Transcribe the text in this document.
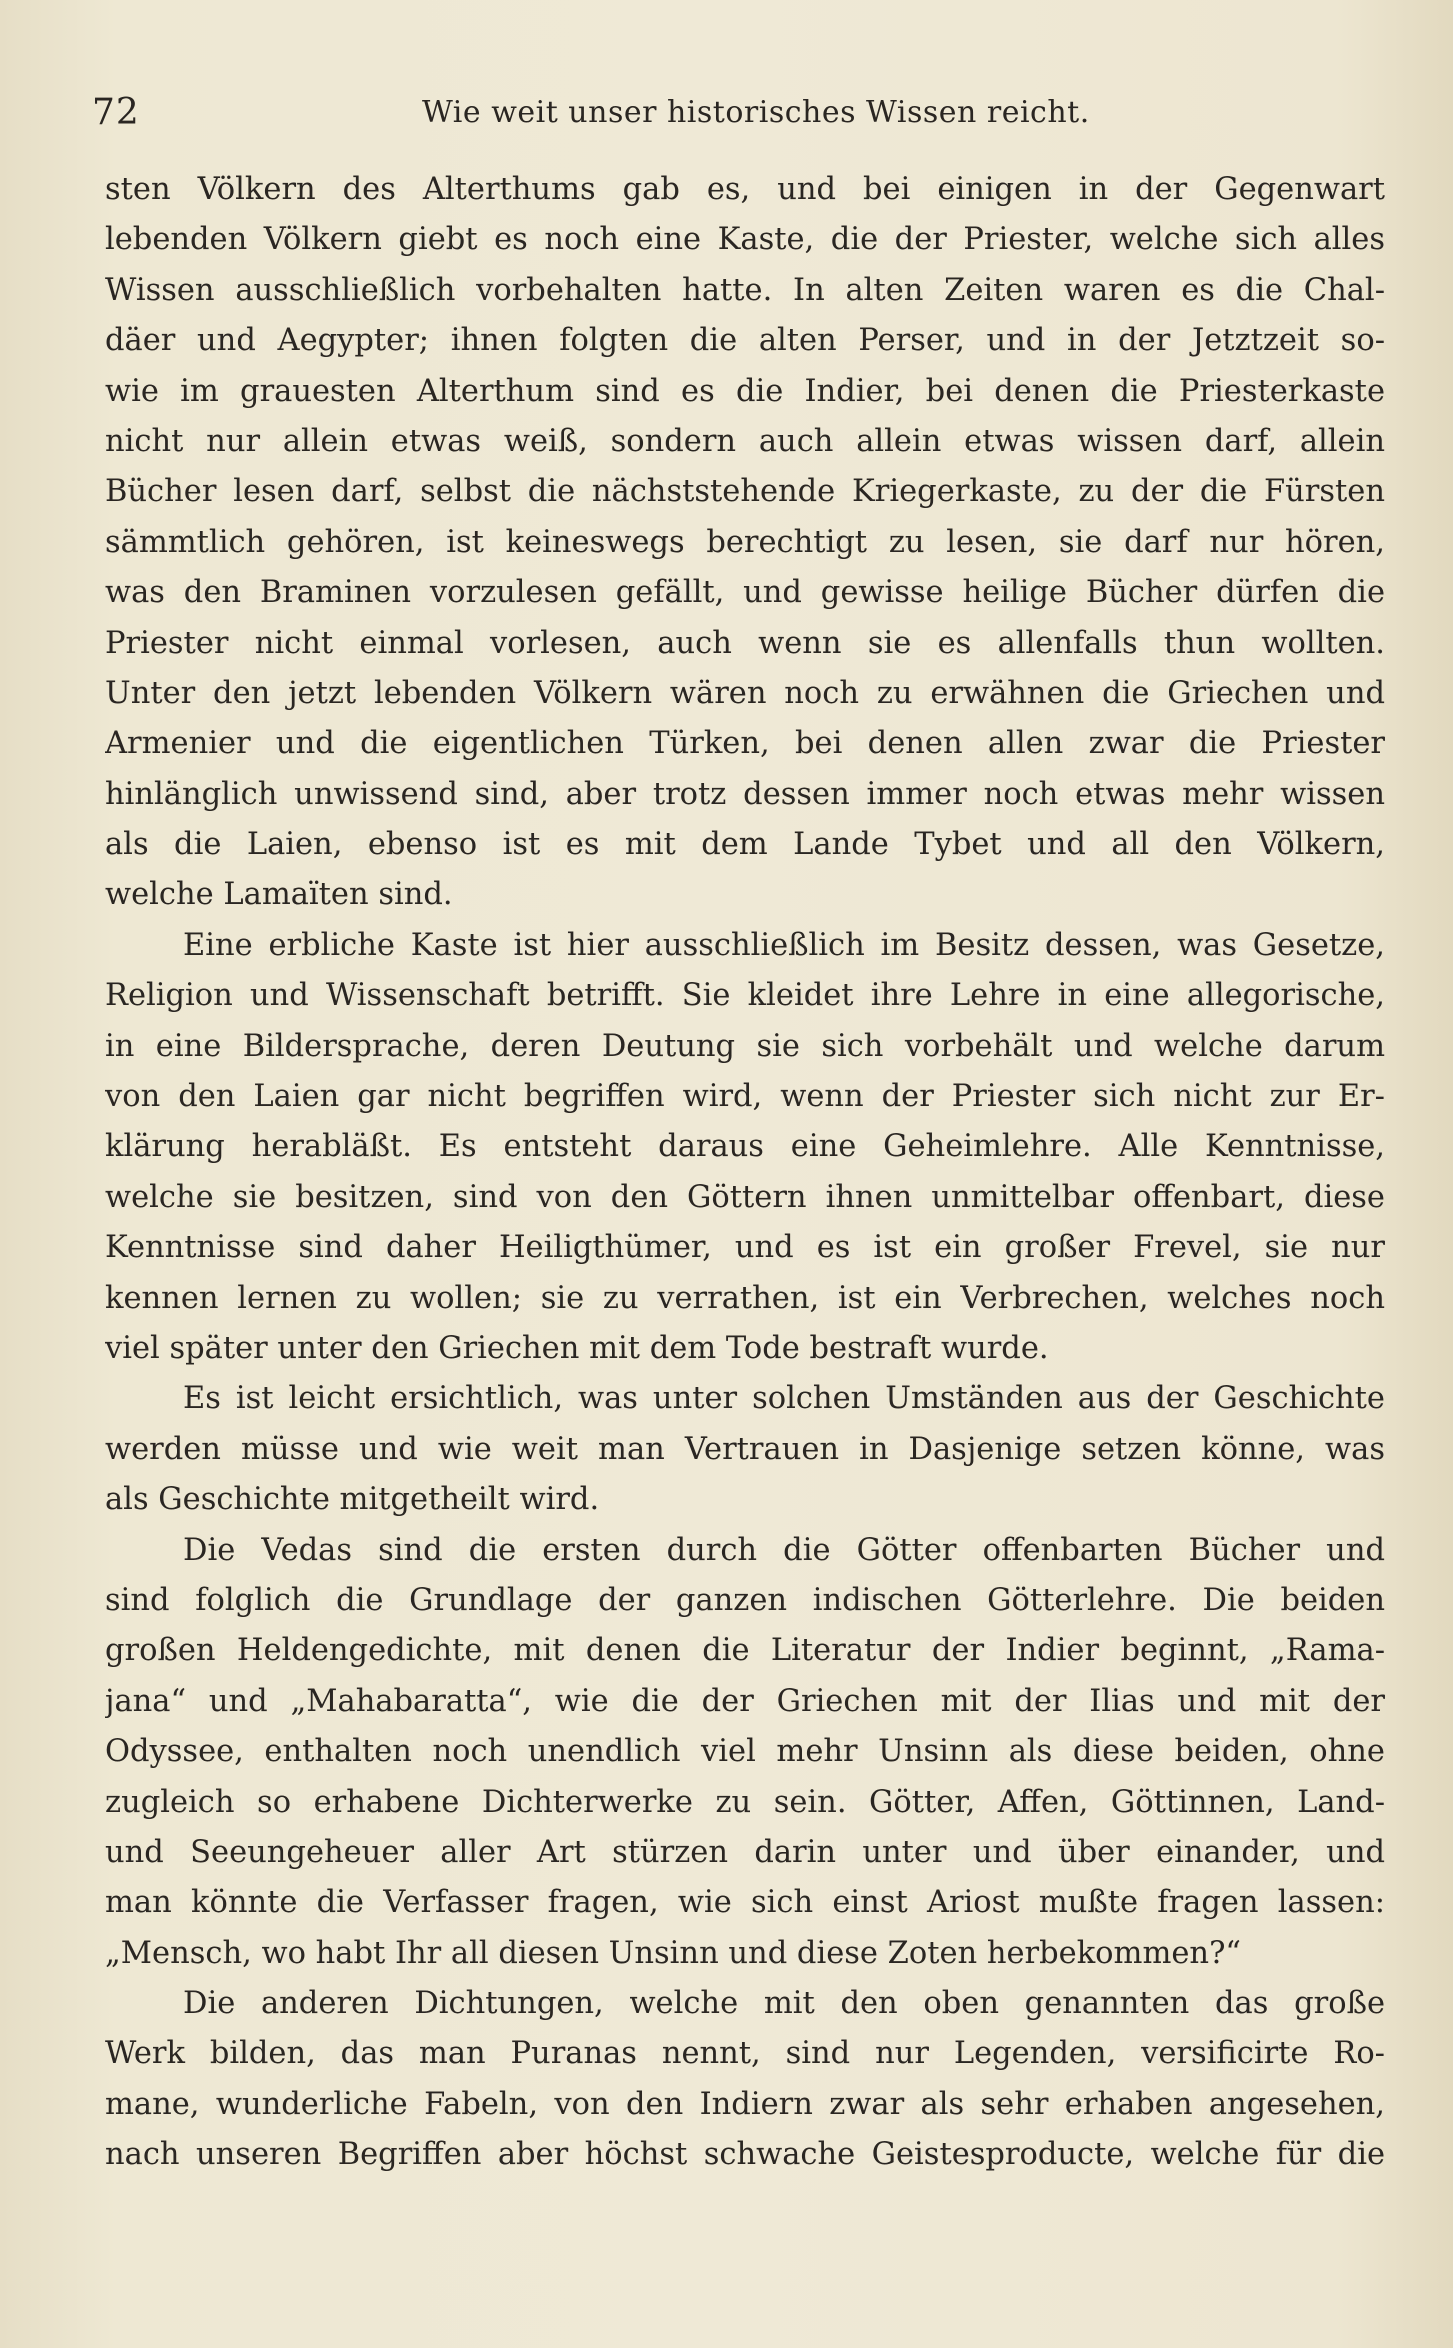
72	Wie weit unser historisches Wissen reicht.
sten Völkern des Alterthums gab es, und bei einigen in der Gegenwart
lebenden Völkern giebt es noch eine Kaste, die der Priester, welche sich alles
Wissen ausschließlich vorbehalten hatte. In alten Zeiten waren es die Chal-
däer und Aegypter; ihnen folgten die alten Perser, und in der Jetztzeit so-
wie im grauesten Alterthum sind es die Indier, bei denen die Priesterkaste
nicht nur allein etwas weiß, sondern auch allein etwas wissen darf, allein
Bücher lesen darf, selbst die nächststehende Kriegerkaste, zu der die Fürsten
sämmtlich gehören, ist keineswegs berechtigt zu lesen, sie darf nur hören,
was den Braminen vorzulesen gefällt, und gewisse heilige Bücher dürfen die
Priester nicht einmal vorlesen, auch wenn sie es allenfalls thun wollten.
Unter den jetzt lebenden Völkern wären noch zu erwähnen die Griechen und
Armenier und die eigentlichen Türken, bei denen allen zwar die Priester
hinlänglich unwissend sind, aber trotz dessen immer noch etwas mehr wissen
als die Laien, ebenso ist es mit dem Lande Tybet und all den Völkern,
welche Lamaïten sind.
Eine erbliche Kaste ist hier ausschließlich im Besitz dessen, was Gesetze,
Religion und Wissenschaft betrifft. Sie kleidet ihre Lehre in eine allegorische,
in eine Bildersprache, deren Deutung sie sich vorbehält und welche darum
von den Laien gar nicht begriffen wird, wenn der Priester sich nicht zur Er-
klärung herabläßt. Es entsteht daraus eine Geheimlehre. Alle Kenntnisse,
welche sie besitzen, sind von den Göttern ihnen unmittelbar offenbart, diese
Kenntnisse sind daher Heiligthümer, und es ist ein großer Frevel, sie nur
kennen lernen zu wollen; sie zu verrathen, ist ein Verbrechen, welches noch
viel später unter den Griechen mit dem Tode bestraft wurde.
Es ist leicht ersichtlich, was unter solchen Umständen aus der Geschichte
werden müsse und wie weit man Vertrauen in Dasjenige setzen könne, was
als Geschichte mitgetheilt wird.
Die Vedas sind die ersten durch die Götter offenbarten Bücher und
sind folglich die Grundlage der ganzen indischen Götterlehre. Die beiden
großen Heldengedichte, mit denen die Literatur der Indier beginnt, „Rama-
jana“ und „Mahabaratta“, wie die der Griechen mit der Ilias und mit der
Odyssee, enthalten noch unendlich viel mehr Unsinn als diese beiden, ohne
zugleich so erhabene Dichterwerke zu sein. Götter, Affen, Göttinnen, Land-
und Seeungeheuer aller Art stürzen darin unter und über einander, und
man könnte die Verfasser fragen, wie sich einst Ariost mußte fragen lassen:
„Mensch, wo habt Ihr all diesen Unsinn und diese Zoten herbekommen?“
Die anderen Dichtungen, welche mit den oben genannten das große
Werk bilden, das man Puranas nennt, sind nur Legenden, versificirte Ro-
mane, wunderliche Fabeln, von den Indiern zwar als sehr erhaben angesehen,
nach unseren Begriffen aber höchst schwache Geistesproducte, welche für die
